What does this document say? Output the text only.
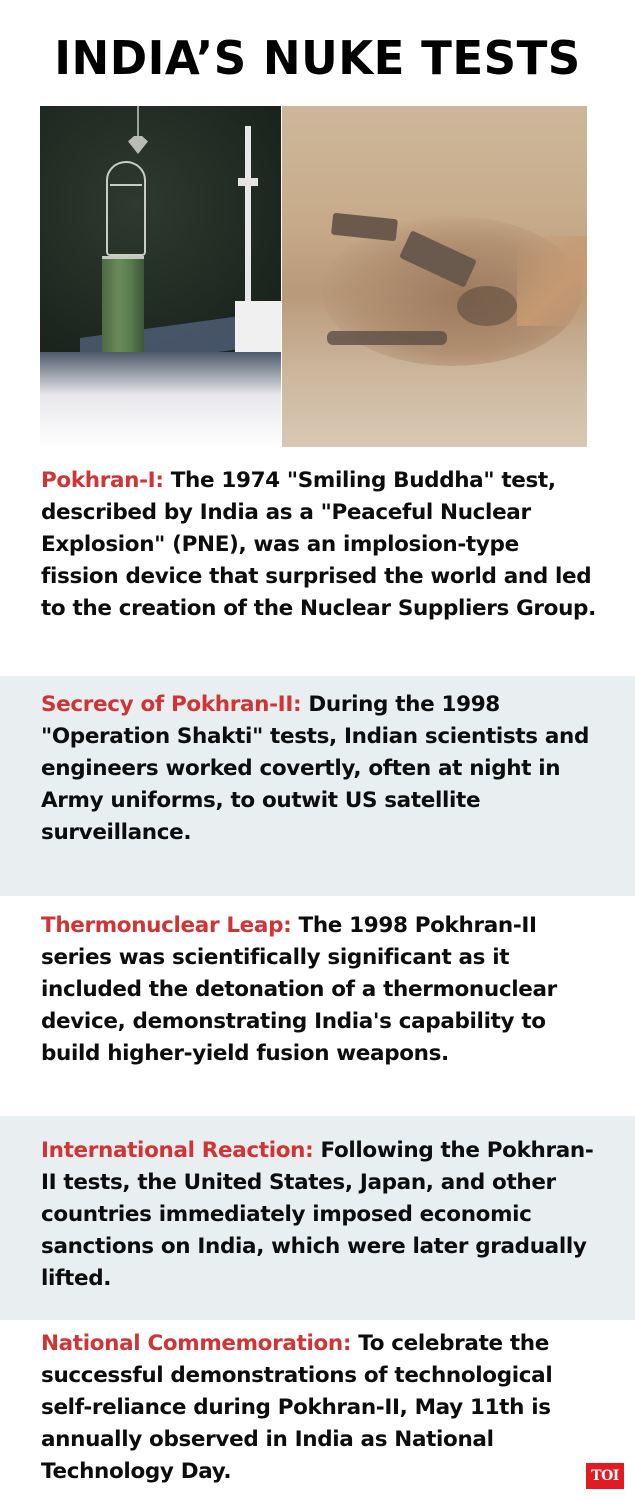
INDIA’S NUKE TESTS

Pokhran-I: The 1974 "Smiling Buddha" test, described by India as a "Peaceful Nuclear Explosion" (PNE), was an implosion-type fission device that surprised the world and led to the creation of the Nuclear Suppliers Group.

Secrecy of Pokhran-II: During the 1998 "Operation Shakti" tests, Indian scientists and engineers worked covertly, often at night in Army uniforms, to outwit US satellite surveillance.

Thermonuclear Leap: The 1998 Pokhran-II series was scientifically significant as it included the detonation of a thermonuclear device, demonstrating India's capability to build higher-yield fusion weapons.

International Reaction: Following the Pokhran-II tests, the United States, Japan, and other countries immediately imposed economic sanctions on India, which were later gradually lifted.

National Commemoration: To celebrate the successful demonstrations of technological self-reliance during Pokhran-II, May 11th is annually observed in India as National Technology Day.	TOI
